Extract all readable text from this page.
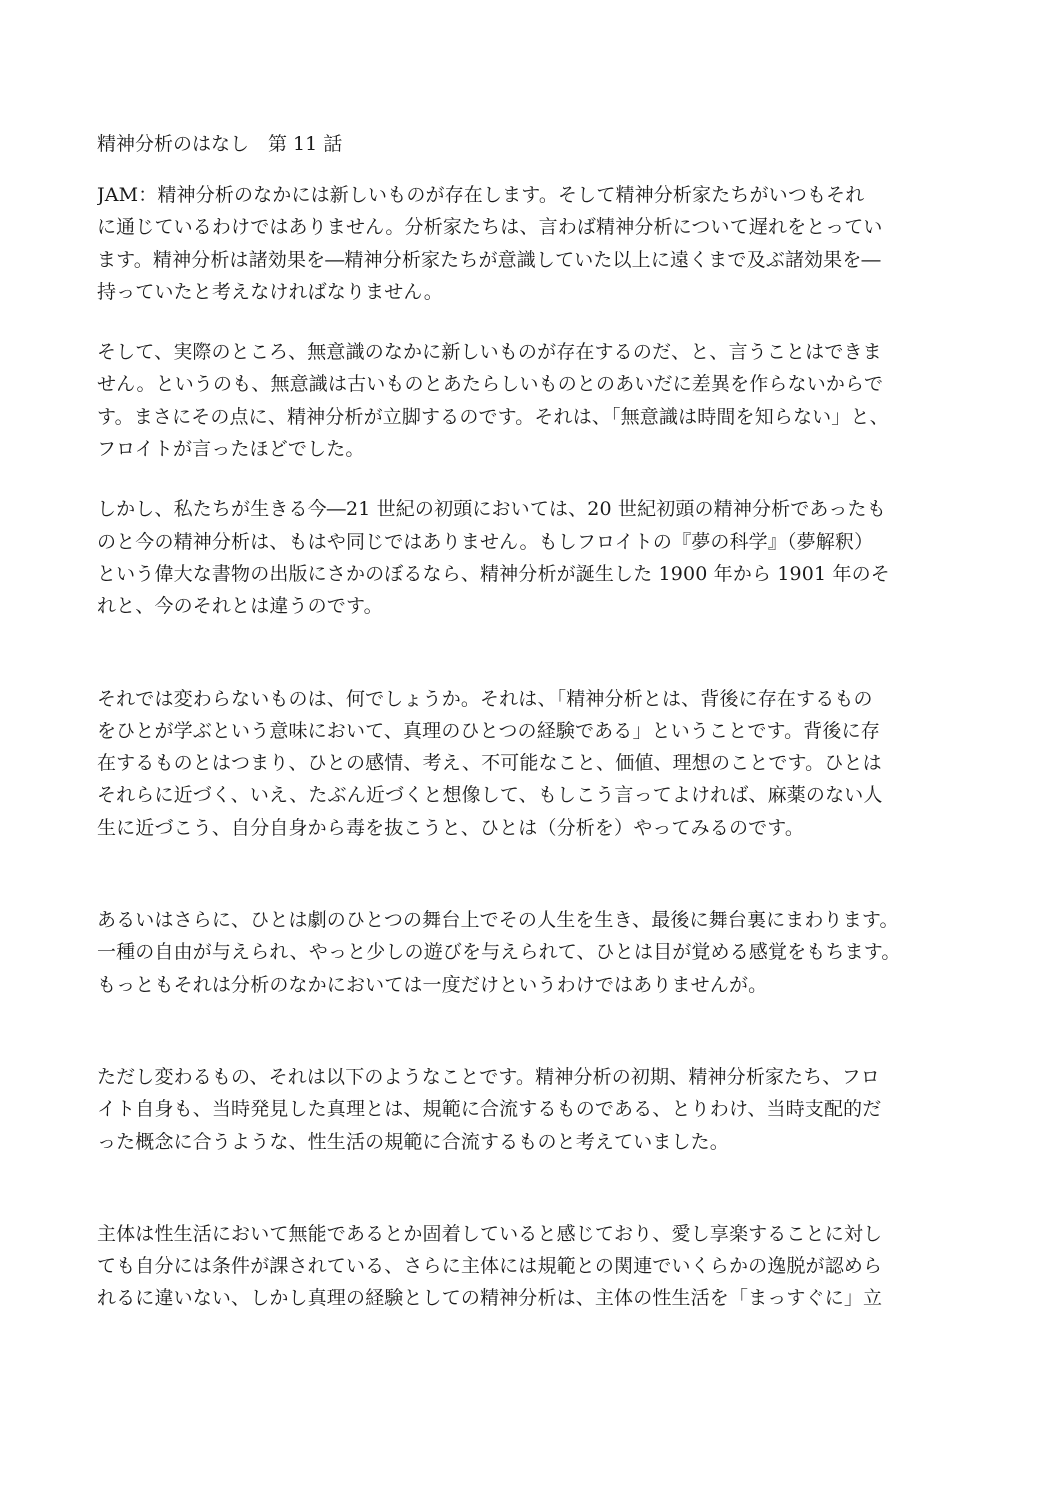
精神分析のはなし　第 11 話

JAM：精神分析のなかには新しいものが存在します。そして精神分析家たちがいつもそれ
に通じているわけではありません。分析家たちは、言わば精神分析について遅れをとってい
ます。精神分析は諸効果を―精神分析家たちが意識していた以上に遠くまで及ぶ諸効果を―
持っていたと考えなければなりません。

そして、実際のところ、無意識のなかに新しいものが存在するのだ、と、言うことはできま
せん。というのも、無意識は古いものとあたらしいものとのあいだに差異を作らないからで
す。まさにその点に、精神分析が立脚するのです。それは、「無意識は時間を知らない」と、
フロイトが言ったほどでした。

しかし、私たちが生きる今―21 世紀の初頭においては、20 世紀初頭の精神分析であったも
のと今の精神分析は、もはや同じではありません。もしフロイトの『夢の科学』（夢解釈）
という偉大な書物の出版にさかのぼるなら、精神分析が誕生した 1900 年から 1901 年のそ
れと、今のそれとは違うのです。

それでは変わらないものは、何でしょうか。それは、「精神分析とは、背後に存在するもの
をひとが学ぶという意味において、真理のひとつの経験である」ということです。背後に存
在するものとはつまり、ひとの感情、考え、不可能なこと、価値、理想のことです。ひとは
それらに近づく、いえ、たぶん近づくと想像して、もしこう言ってよければ、麻薬のない人
生に近づこう、自分自身から毒を抜こうと、ひとは（分析を）やってみるのです。

あるいはさらに、ひとは劇のひとつの舞台上でその人生を生き、最後に舞台裏にまわります。
一種の自由が与えられ、やっと少しの遊びを与えられて、ひとは目が覚める感覚をもちます。
もっともそれは分析のなかにおいては一度だけというわけではありませんが。

ただし変わるもの、それは以下のようなことです。精神分析の初期、精神分析家たち、フロ
イト自身も、当時発見した真理とは、規範に合流するものである、とりわけ、当時支配的だ
った概念に合うような、性生活の規範に合流するものと考えていました。

主体は性生活において無能であるとか固着していると感じており、愛し享楽することに対し
ても自分には条件が課されている、さらに主体には規範との関連でいくらかの逸脱が認めら
れるに違いない、しかし真理の経験としての精神分析は、主体の性生活を「まっすぐに」立
